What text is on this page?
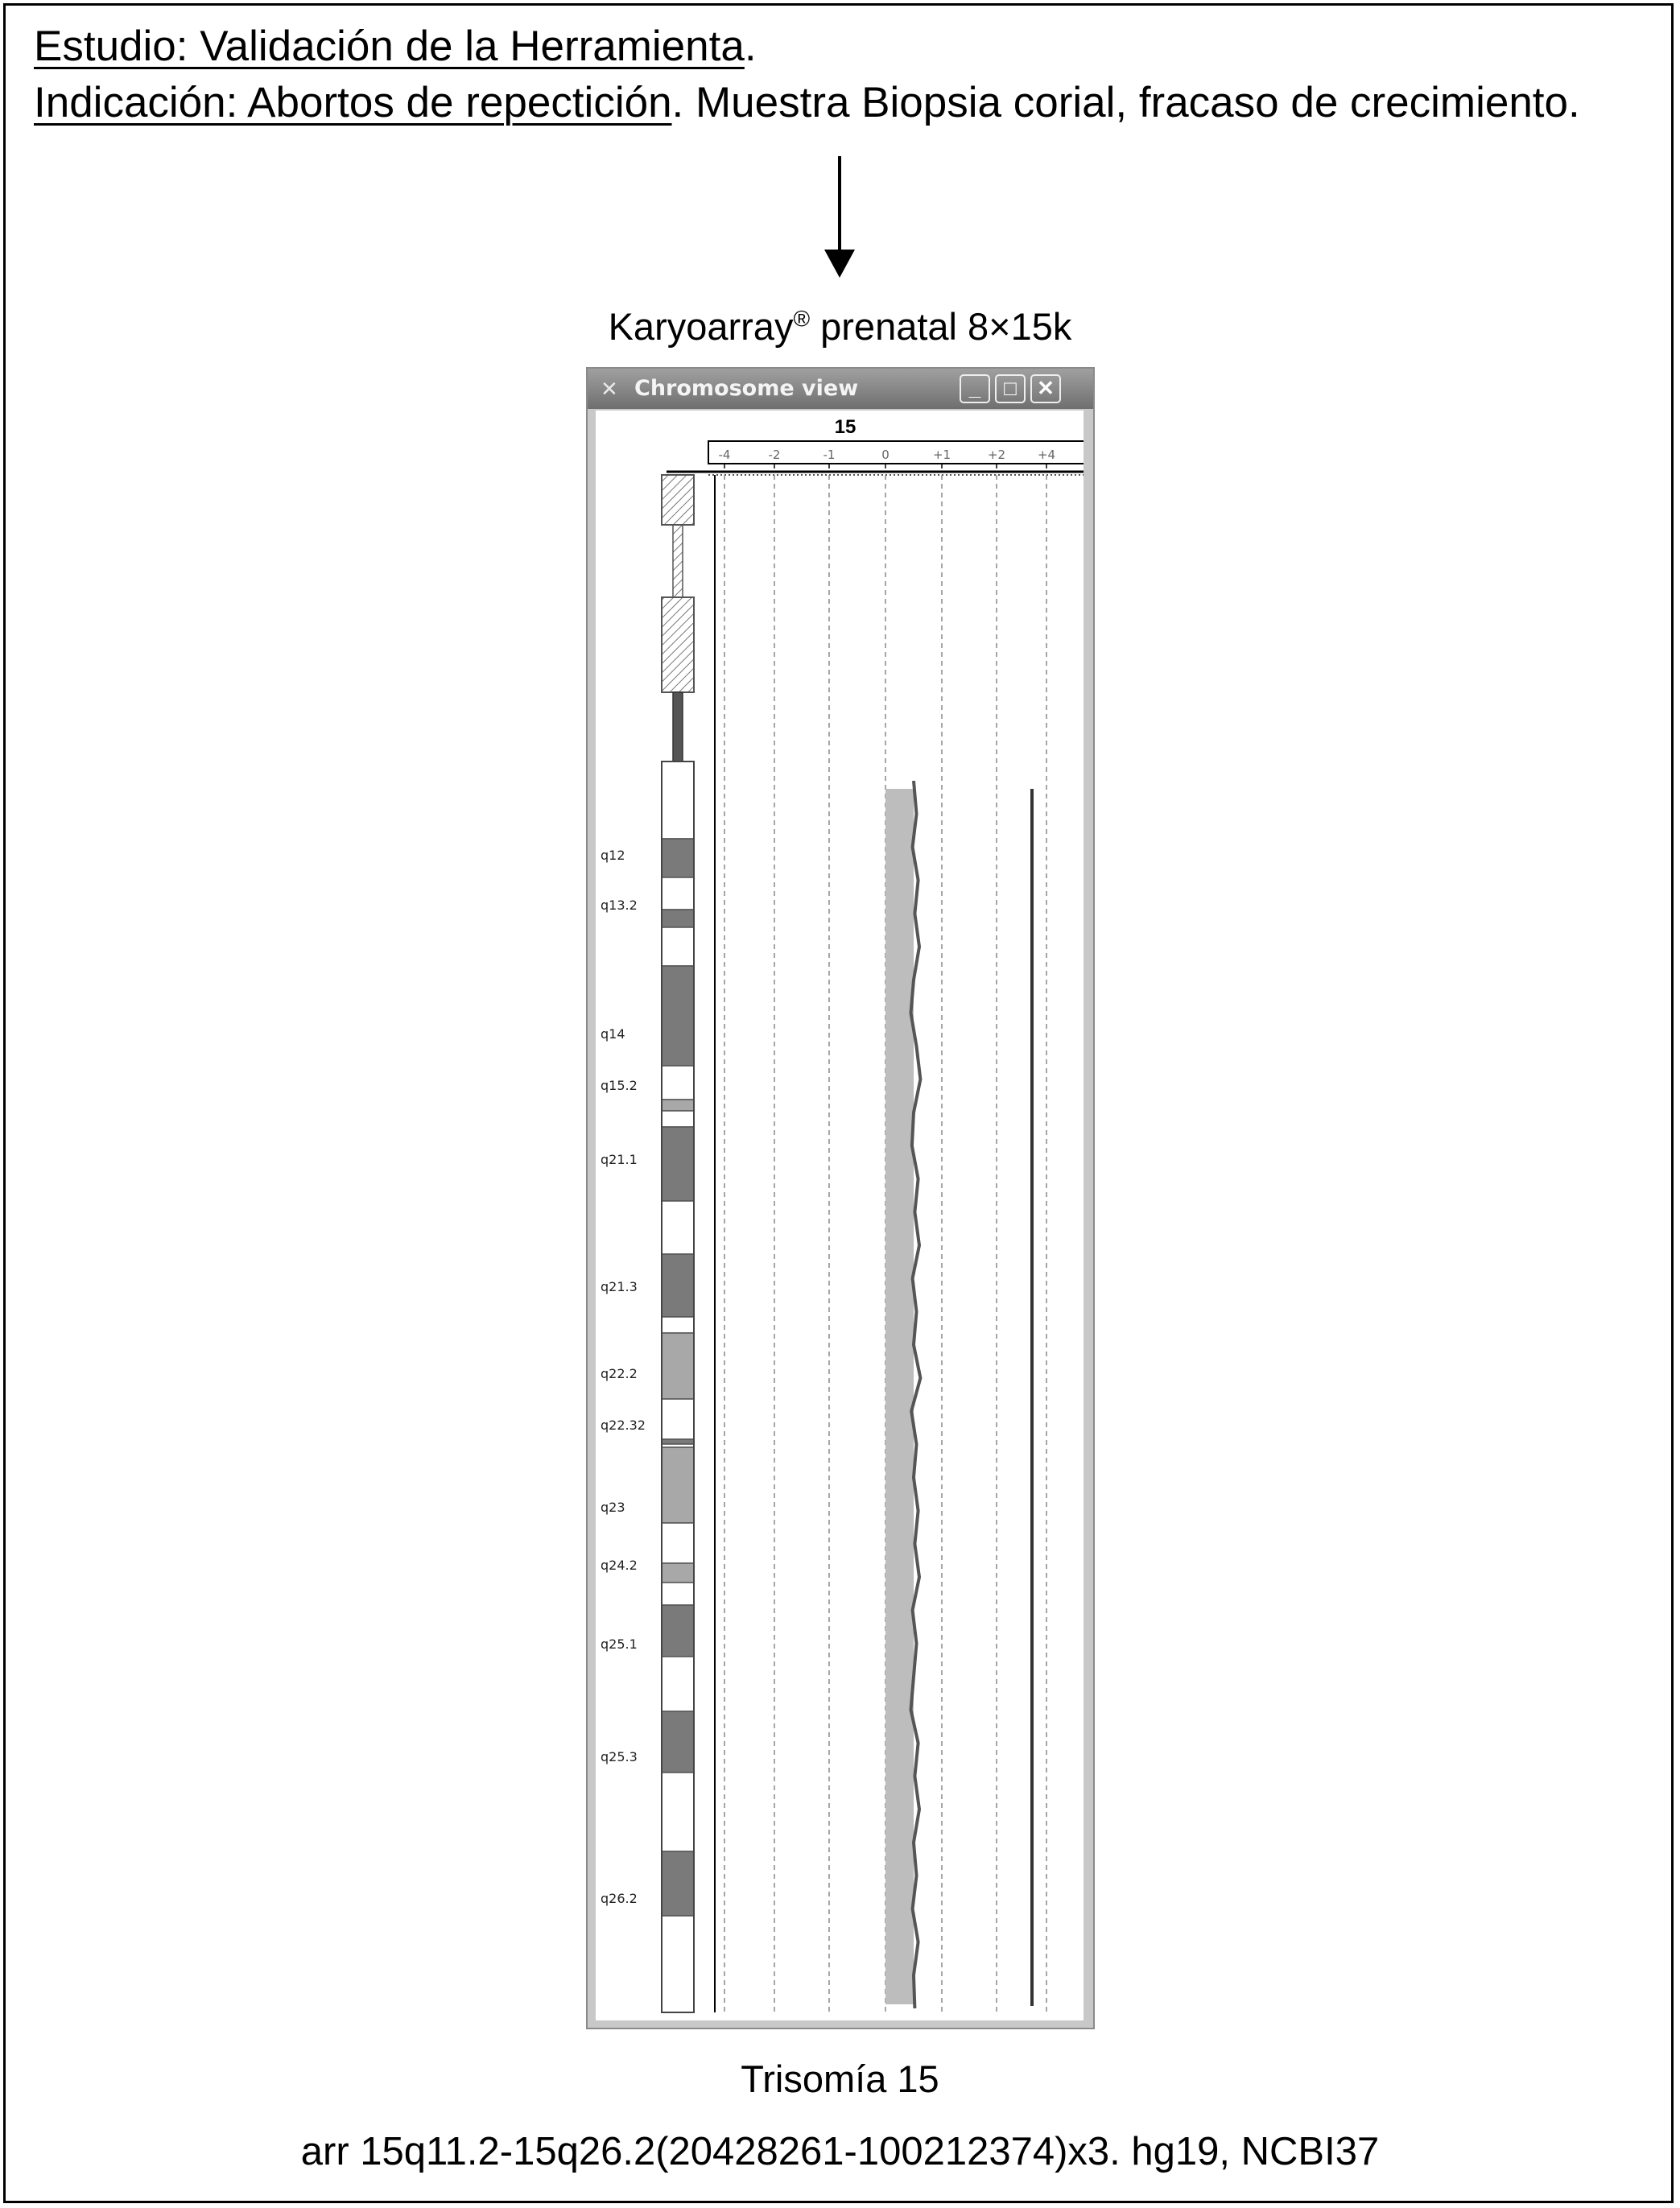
Estudio: Validación de la Herramienta.
Indicación: Abortos de repectición. Muestra Biopsia corial, fracaso de crecimiento.
Karyoarray® prenatal 8×15k
✕ Chromosome view	_	□ ✕
15
-4	-2	-1	0	+1	+2	+4
q12
q13.2
q14
q15.2
q21.1
q21.3
q22.2
q22.32
q23
q24.2
q25.1
q25.3
q26.2
Trisomía 15
arr 15q11.2-15q26.2(20428261-100212374)x3. hg19, NCBI37
